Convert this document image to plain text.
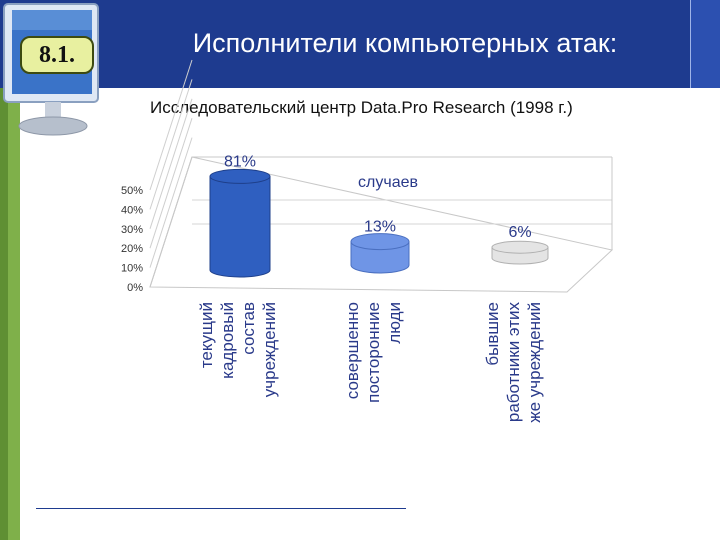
8.1.	Исполнители компьютерных атак:
Исследовательский центр Data.Pro Research (1998 г.)
0%
10%
20%
30%
40%
50%	случаев
81%
13%	6%
текущий кадровый состав учреждений	совершенно посторонние люди	бывшие работники этих же учреждений
